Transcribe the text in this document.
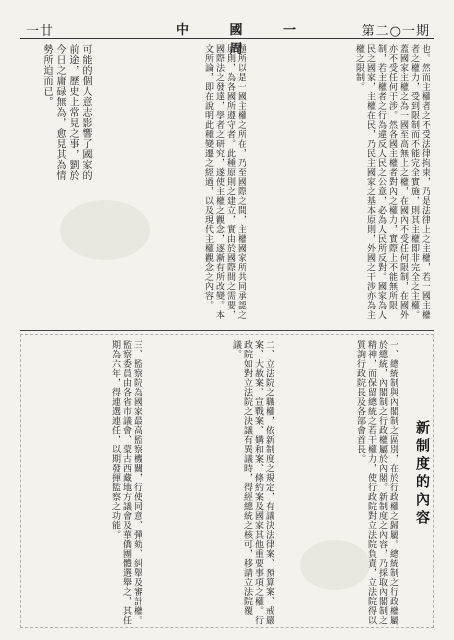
第二○一期
中 國 一 周
一廿
也。然而主權者之不受法律拘束，乃是法律上之主權，若一國主權者之權力，受到限制而不能完全實施，則其主權即非完全之主權。蓋國家主權之為一國至高無上之權，在國內不受任何限制，在國外亦不受任何干涉。然各國主權者對內之權力，實際上不能無所限制，若主權者之行為違反人民之公意，必為人民所反對。國家為人民之國家，主權在民，乃民主國家之基本原則，外國之干涉亦為主權之限制。
題所以是一國主權之所在，乃至國際之間，主權國家所共同承認之原則，為各國所遵守者。此種原則之建立，實由於國際間之需要，國際法之發達，學者之研究，遂使主權之觀念，逐漸有所改變。本文所論，即在說明此種變遷之經過，以及現代主權觀念之內容。
可能的個人意志影響了國家的前途，歷史上常見之事，劉於今日之庸碌無為，愈見其為情勢所迫而已。
新制度的內容
一、總統制與內閣制之區別，在於行政權之歸屬。總統制之行政權屬於總統，內閣制之行政權屬於內閣。新制度之內容，乃採取內閣制之精神，而保留總統之若干權力，使行政院對立法院負責，立法院得以質詢行政院長及各部會首長。
二、立法院之職權，依新制度之規定，有議決法律案、預算案、戒嚴案、大赦案、宣戰案、媾和案、條約案及國家其他重要事項之權。行政院如對立法院之決議有異議時，得經總統之核可，移請立法院覆議。
三、監察院為國家最高監察機關，行使同意、彈劾、糾舉及審計權。監察委員由各省市議會、蒙古西藏地方議會及華僑團體選舉之，其任期為六年，得連選連任，以期發揮監察之功能。
